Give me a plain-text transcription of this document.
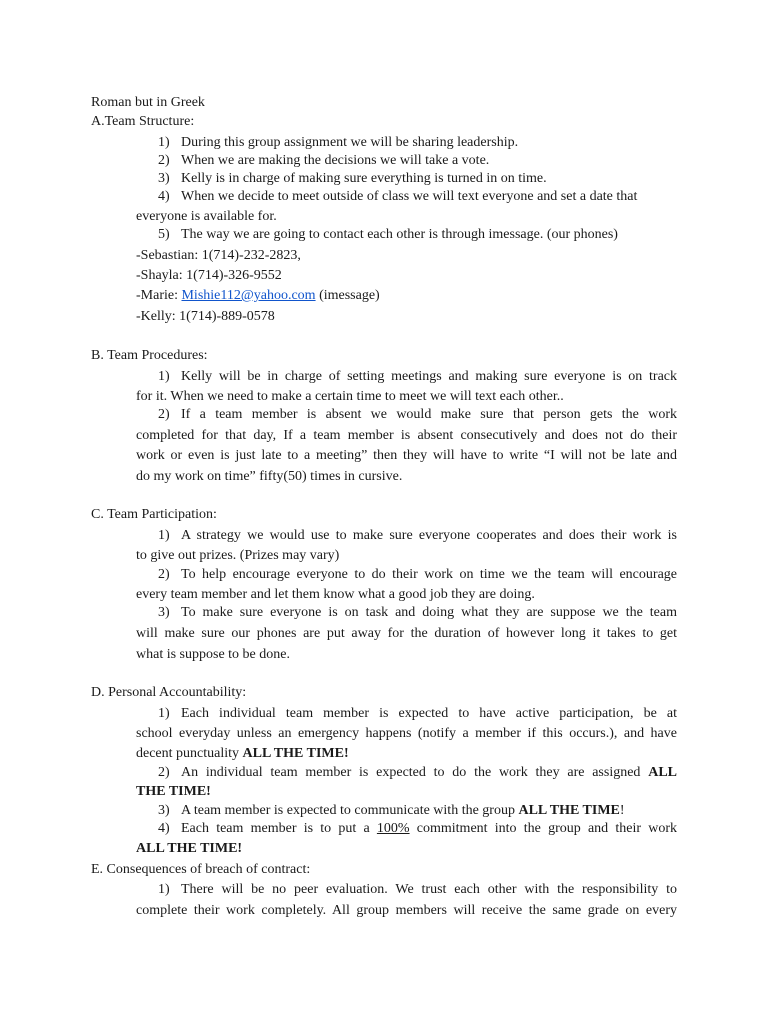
Roman but in Greek
A.Team Structure:
1) During this group assignment we will be sharing leadership.
2) When we are making the decisions we will take a vote.
3) Kelly is in charge of making sure everything is turned in on time.
4) When we decide to meet outside of class we will text everyone and set a date that
everyone is available for.
5) The way we are going to contact each other is through imessage. (our phones)
-Sebastian: 1(714)-232-2823,
-Shayla: 1(714)-326-9552
-Marie: Mishie112@yahoo.com (imessage)
-Kelly: 1(714)-889-0578
B. Team Procedures:
1) Kelly will be in charge of setting meetings and making sure everyone is on track
for it. When we need to make a certain time to meet we will text each other..
2) If a team member is absent we would make sure that person gets the work
completed for that day, If a team member is absent consecutively and does not do their
work or even is just late to a meeting” then they will have to write “I will not be late and
do my work on time” fifty(50) times in cursive.
C. Team Participation:
1) A strategy we would use to make sure everyone cooperates and does their work is
to give out prizes. (Prizes may vary)
2) To help encourage everyone to do their work on time we the team will encourage
every team member and let them know what a good job they are doing.
3) To make sure everyone is on task and doing what they are suppose we the team
will make sure our phones are put away for the duration of however long it takes to get
what is suppose to be done.
D. Personal Accountability:
1) Each individual team member is expected to have active participation, be at
school everyday unless an emergency happens (notify a member if this occurs.), and have
decent punctuality ALL THE TIME!
2) An individual team member is expected to do the work they are assigned ALL
THE TIME!
3) A team member is expected to communicate with the group ALL THE TIME!
4) Each team member is to put a 100% commitment into the group and their work
ALL THE TIME!
E. Consequences of breach of contract:
1) There will be no peer evaluation. We trust each other with the responsibility to
complete their work completely. All group members will receive the same grade on every
